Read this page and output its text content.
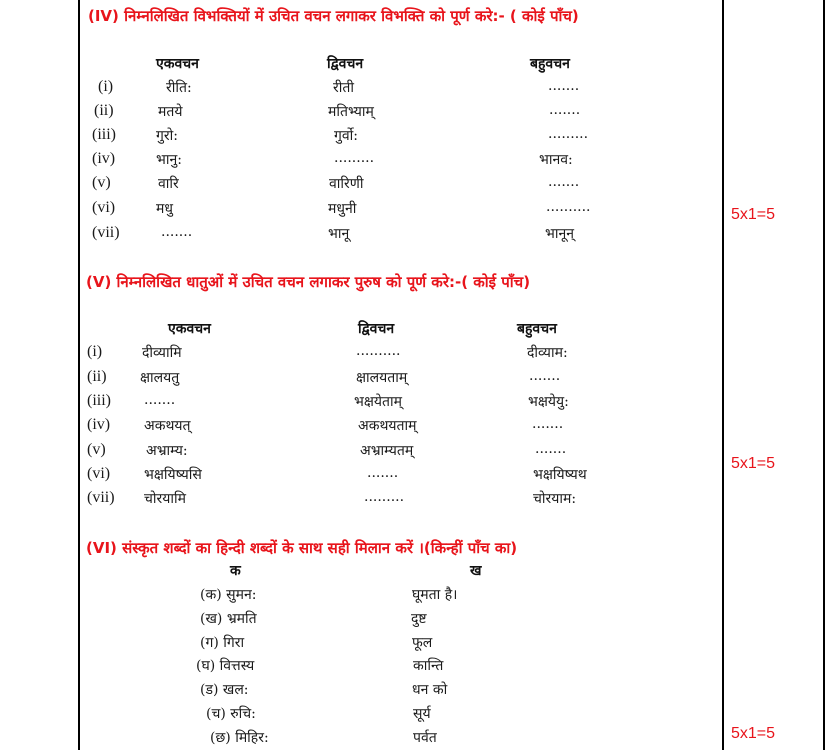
(IV) निम्नलिखित विभक्तियों में उचित वचन लगाकर विभक्ति को पूर्ण करे:- ( कोई पाँच)
एकवचन	द्विवचन	बहुवचन
(i)	रीति:	रीती	.......
(ii)	मतये	मतिभ्याम्	.......
(iii)	गुरो:	गुर्वो:	.........
(iv)	भानु:	.........	भानव:
(v)	वारि	वारिणी	.......
(vi)	मधु	मधुनी	..........
(vii)	.......	भानू	भानून्
5x1=5
(V) निम्नलिखित धातुओं में उचित वचन लगाकर पुरुष को पूर्ण करे:-( कोई पाँच)
एकवचन	द्विवचन	बहुवचन
(i)	दीव्यामि	..........	दीव्याम:
(ii) क्षालयतु	क्षालयताम्	.......
(iii) .......	भक्षयेताम्	भक्षयेयु:
(iv) अकथयत्	अकथयताम्	.......
(v)	अभ्राम्य:	अभ्राम्यतम्	.......
(vi) भक्षयिष्यसि	.......	भक्षयिष्यथ
(vii) चोरयामि	.........	चोरयाम:
5x1=5
(VI) संस्कृत शब्दों का हिन्दी शब्दों के साथ सही मिलान करें ।(किन्हीं पाँच का)
क	ख
(क) सुमन:	घूमता है।
(ख) भ्रमति	दुष्ट
(ग) गिरा	फूल
(घ) वित्तस्य	कान्ति
(ड) खल:	धन को
(च) रुचि:	सूर्य
(छ) मिहिर:	पर्वत	5x1=5
